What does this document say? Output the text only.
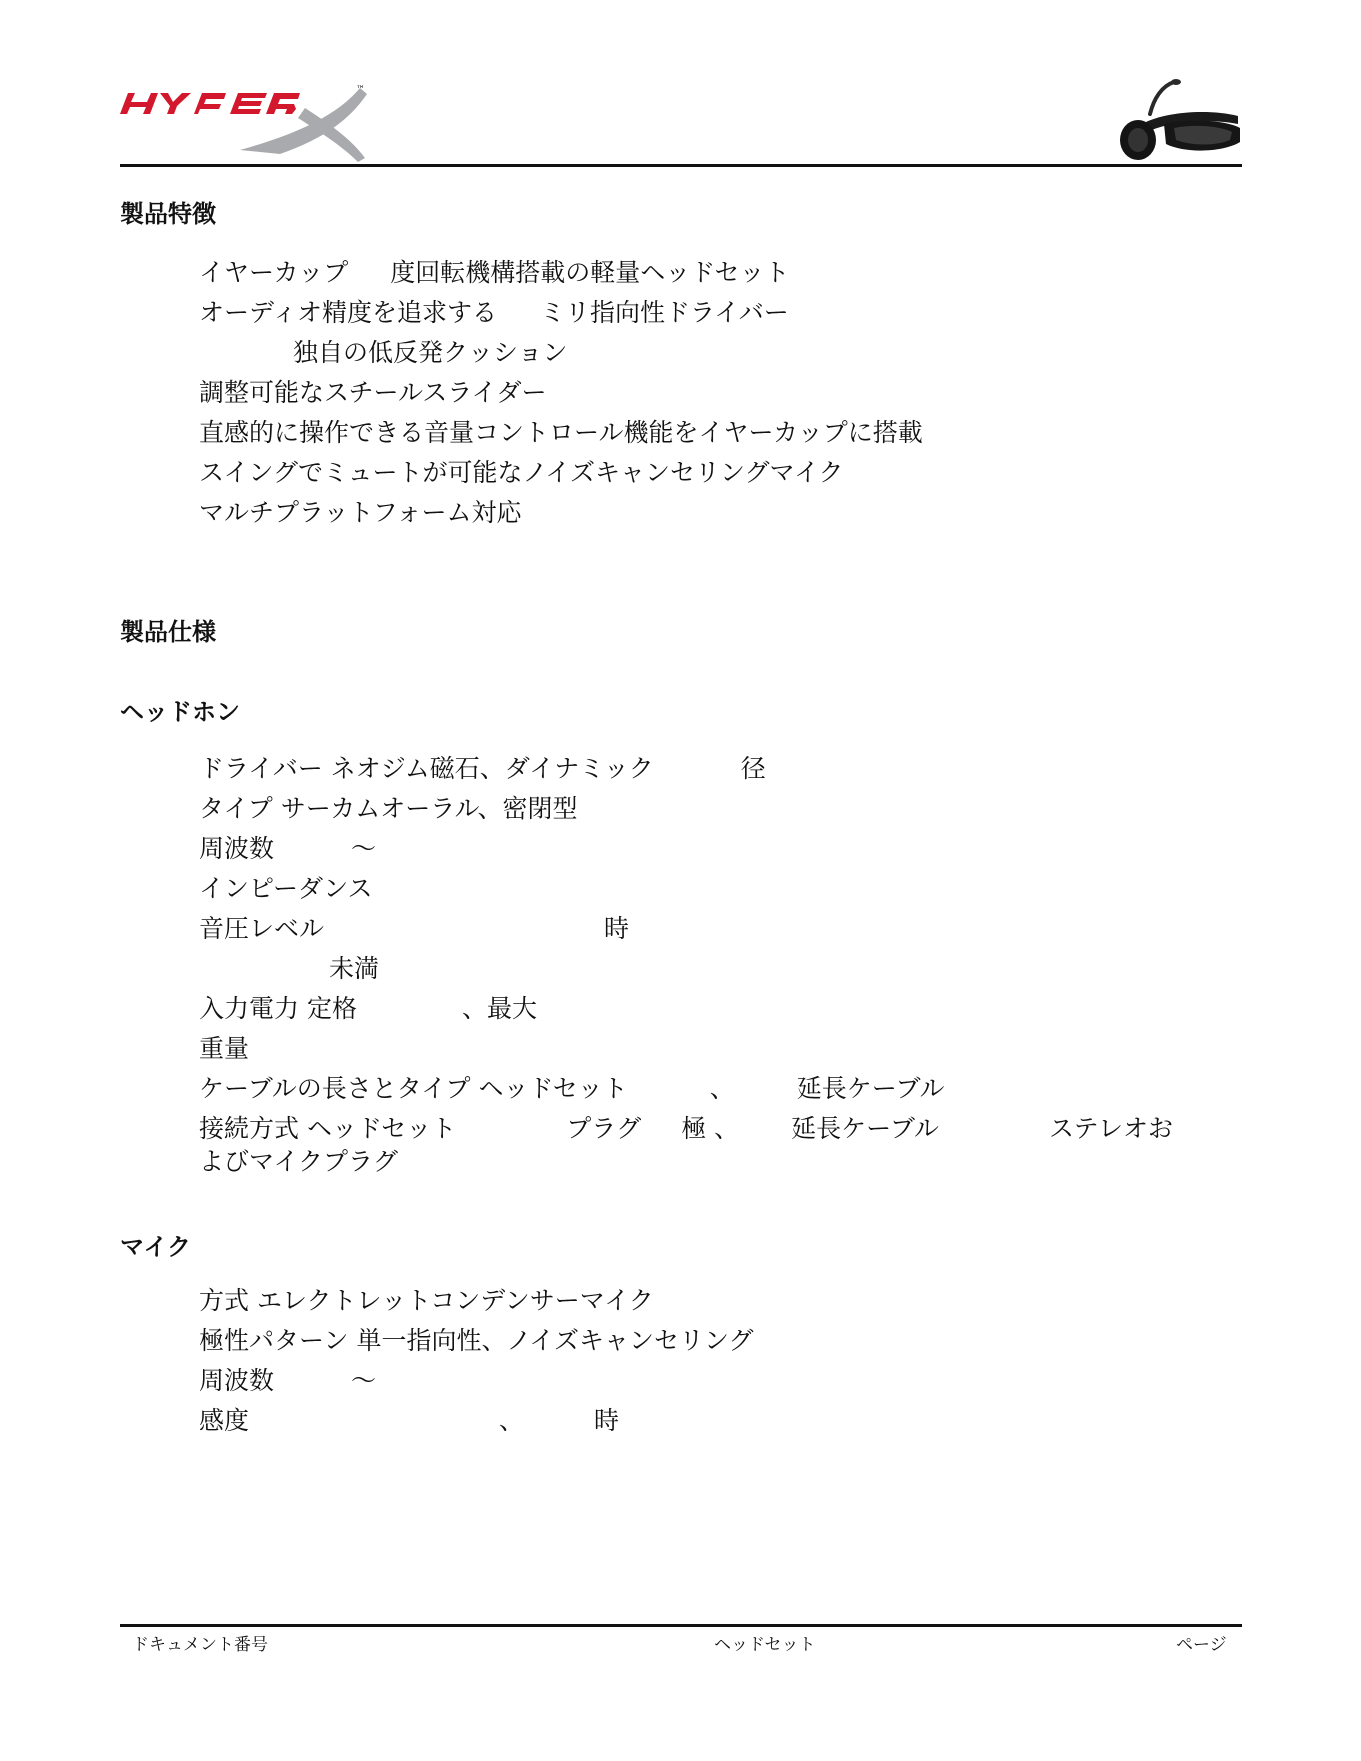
™
製品特徴
イヤーカップ 度回転機構搭載の軽量ヘッドセット
オーディオ精度を追求する ミリ指向性ドライバー
独自の低反発クッション
調整可能なスチールスライダー
直感的に操作できる音量コントロール機能をイヤーカップに搭載
スイングでミュートが可能なノイズキャンセリングマイク
マルチプラットフォーム対応
製品仕様
ヘッドホン
ドライバー ネオジム磁石、ダイナミック	径
タイプ サーカムオーラル、密閉型
周波数	～
インピーダンス
音圧レベル	時
未満
入力電力 定格	、最大
重量
ケーブルの長さとタイプ ヘッドセット	、 延長ケーブル
接続方式 ヘッドセット	プラグ 極 、 延長ケーブル	ステレオお
よびマイクプラグ
マイク
方式 エレクトレットコンデンサーマイク
極性パターン 単一指向性、ノイズキャンセリング
周波数	～
感度	、	時
ドキュメント番号	ヘッドセット	ページ
